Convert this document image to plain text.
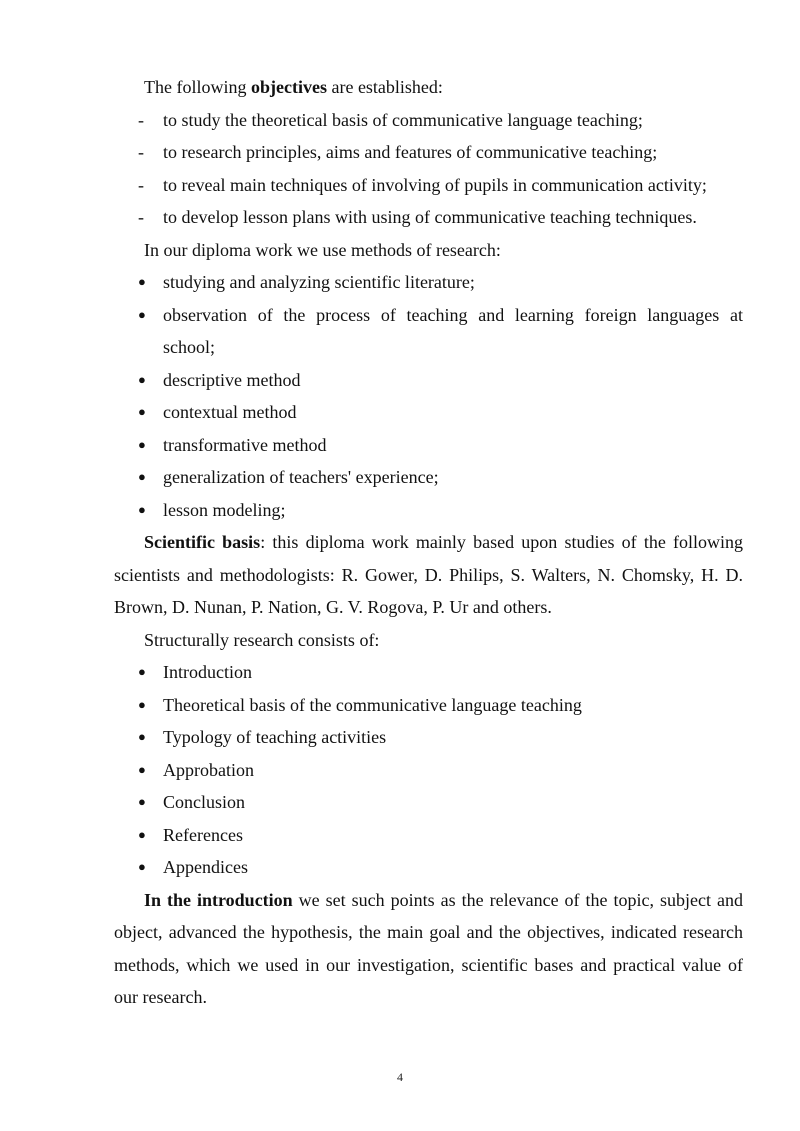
The following objectives are established:

- to study the theoretical basis of communicative language teaching;

- to research principles, aims and features of communicative teaching;

- to reveal main techniques of involving of pupils in communication activity;

- to develop lesson plans with using of communicative teaching techniques.

In our diploma work we use methods of research:

● studying and analyzing scientific literature;

● observation of the process of teaching and learning foreign languages at
school;

● descriptive method

● contextual method

● transformative method

● generalization of teachers' experience;

● lesson modeling;

Scientific basis: this diploma work mainly based upon studies of the following

scientists and methodologists: R. Gower, D. Philips, S. Walters, N. Chomsky, H. D.

Brown, D. Nunan, P. Nation, G. V. Rogova, P. Ur and others.

Structurally research consists of:

● Introduction

● Theoretical basis of the communicative language teaching

● Typology of teaching activities

● Approbation

● Conclusion

● References

● Appendices

In the introduction we set such points as the relevance of the topic, subject and

object, advanced the hypothesis, the main goal and the objectives, indicated research

methods, which we used in our investigation, scientific bases and practical value of

our research.

4
